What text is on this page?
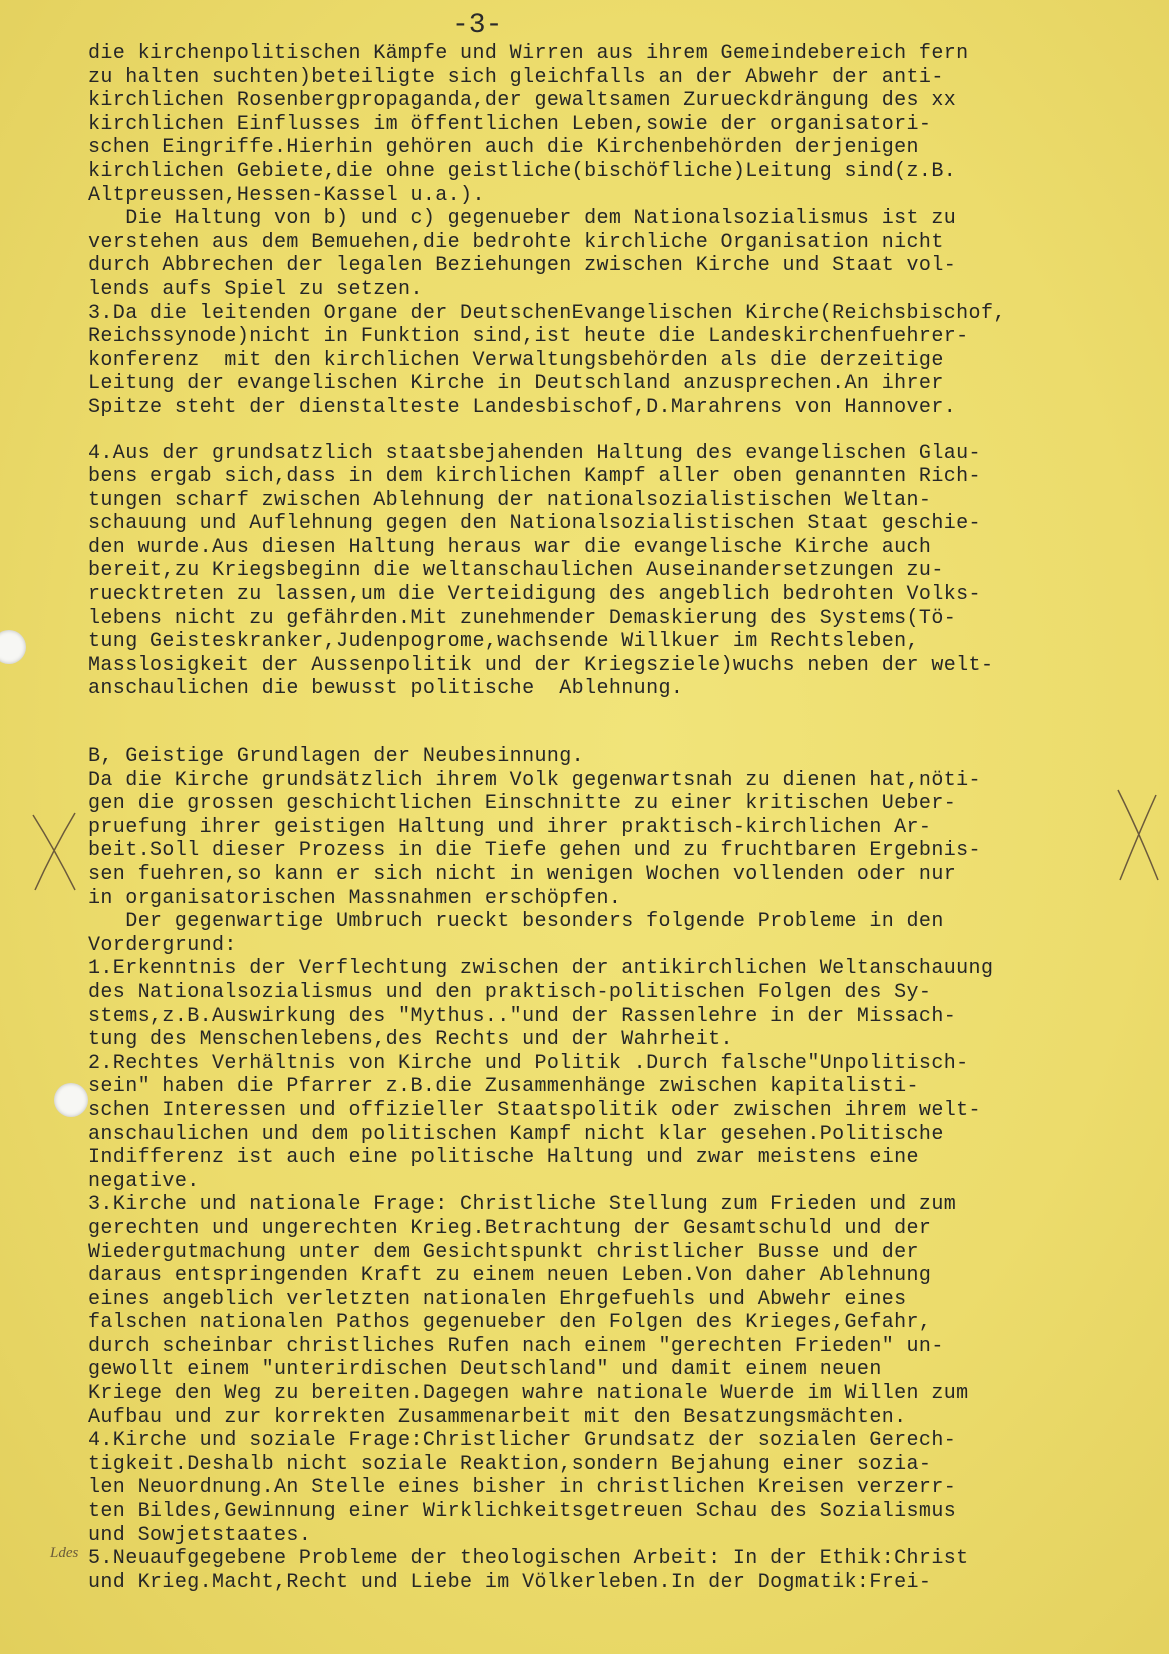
-3-
Ldes
die kirchenpolitischen Kämpfe und Wirren aus ihrem Gemeindebereich fern
zu halten suchten)beteiligte sich gleichfalls an der Abwehr der anti-
kirchlichen Rosenbergpropaganda,der gewaltsamen Zurueckdrängung des xx
kirchlichen Einflusses im öffentlichen Leben,sowie der organisatori-
schen Eingriffe.Hierhin gehören auch die Kirchenbehörden derjenigen
kirchlichen Gebiete,die ohne geistliche(bischöfliche)Leitung sind(z.B.
Altpreussen,Hessen-Kassel u.a.).
Die Haltung von b) und c) gegenueber dem Nationalsozialismus ist zu
verstehen aus dem Bemuehen,die bedrohte kirchliche Organisation nicht
durch Abbrechen der legalen Beziehungen zwischen Kirche und Staat vol-
lends aufs Spiel zu setzen.
3.Da die leitenden Organe der DeutschenEvangelischen Kirche(Reichsbischof,
Reichssynode)nicht in Funktion sind,ist heute die Landeskirchenfuehrer-
konferenz  mit den kirchlichen Verwaltungsbehörden als die derzeitige
Leitung der evangelischen Kirche in Deutschland anzusprechen.An ihrer
Spitze steht der dienstalteste Landesbischof,D.Marahrens von Hannover.
4.Aus der grundsatzlich staatsbejahenden Haltung des evangelischen Glau-
bens ergab sich,dass in dem kirchlichen Kampf aller oben genannten Rich-
tungen scharf zwischen Ablehnung der nationalsozialistischen Weltan-
schauung und Auflehnung gegen den Nationalsozialistischen Staat geschie-
den wurde.Aus diesen Haltung heraus war die evangelische Kirche auch
bereit,zu Kriegsbeginn die weltanschaulichen Auseinandersetzungen zu-
ruecktreten zu lassen,um die Verteidigung des angeblich bedrohten Volks-
lebens nicht zu gefährden.Mit zunehmender Demaskierung des Systems(Tö-
tung Geisteskranker,Judenpogrome,wachsende Willkuer im Rechtsleben,
Masslosigkeit der Aussenpolitik und der Kriegsziele)wuchs neben der welt-
anschaulichen die bewusst politische  Ablehnung.
B, Geistige Grundlagen der Neubesinnung.
Da die Kirche grundsätzlich ihrem Volk gegenwartsnah zu dienen hat,nöti-
gen die grossen geschichtlichen Einschnitte zu einer kritischen Ueber-
pruefung ihrer geistigen Haltung und ihrer praktisch-kirchlichen Ar-
beit.Soll dieser Prozess in die Tiefe gehen und zu fruchtbaren Ergebnis-
sen fuehren,so kann er sich nicht in wenigen Wochen vollenden oder nur
in organisatorischen Massnahmen erschöpfen.
Der gegenwartige Umbruch rueckt besonders folgende Probleme in den
Vordergrund:
1.Erkenntnis der Verflechtung zwischen der antikirchlichen Weltanschauung
des Nationalsozialismus und den praktisch-politischen Folgen des Sy-
stems,z.B.Auswirkung des "Mythus.."und der Rassenlehre in der Missach-
tung des Menschenlebens,des Rechts und der Wahrheit.
2.Rechtes Verhältnis von Kirche und Politik .Durch falsche"Unpolitisch-
sein" haben die Pfarrer z.B.die Zusammenhänge zwischen kapitalisti-
schen Interessen und offizieller Staatspolitik oder zwischen ihrem welt-
anschaulichen und dem politischen Kampf nicht klar gesehen.Politische
Indifferenz ist auch eine politische Haltung und zwar meistens eine
negative.
3.Kirche und nationale Frage: Christliche Stellung zum Frieden und zum
gerechten und ungerechten Krieg.Betrachtung der Gesamtschuld und der
Wiedergutmachung unter dem Gesichtspunkt christlicher Busse und der
daraus entspringenden Kraft zu einem neuen Leben.Von daher Ablehnung
eines angeblich verletzten nationalen Ehrgefuehls und Abwehr eines
falschen nationalen Pathos gegenueber den Folgen des Krieges,Gefahr,
durch scheinbar christliches Rufen nach einem "gerechten Frieden" un-
gewollt einem "unterirdischen Deutschland" und damit einem neuen
Kriege den Weg zu bereiten.Dagegen wahre nationale Wuerde im Willen zum
Aufbau und zur korrekten Zusammenarbeit mit den Besatzungsmächten.
4.Kirche und soziale Frage:Christlicher Grundsatz der sozialen Gerech-
tigkeit.Deshalb nicht soziale Reaktion,sondern Bejahung einer sozia-
len Neuordnung.An Stelle eines bisher in christlichen Kreisen verzerr-
ten Bildes,Gewinnung einer Wirklichkeitsgetreuen Schau des Sozialismus
und Sowjetstaates.
5.Neuaufgegebene Probleme der theologischen Arbeit: In der Ethik:Christ
und Krieg.Macht,Recht und Liebe im Völkerleben.In der Dogmatik:Frei-
